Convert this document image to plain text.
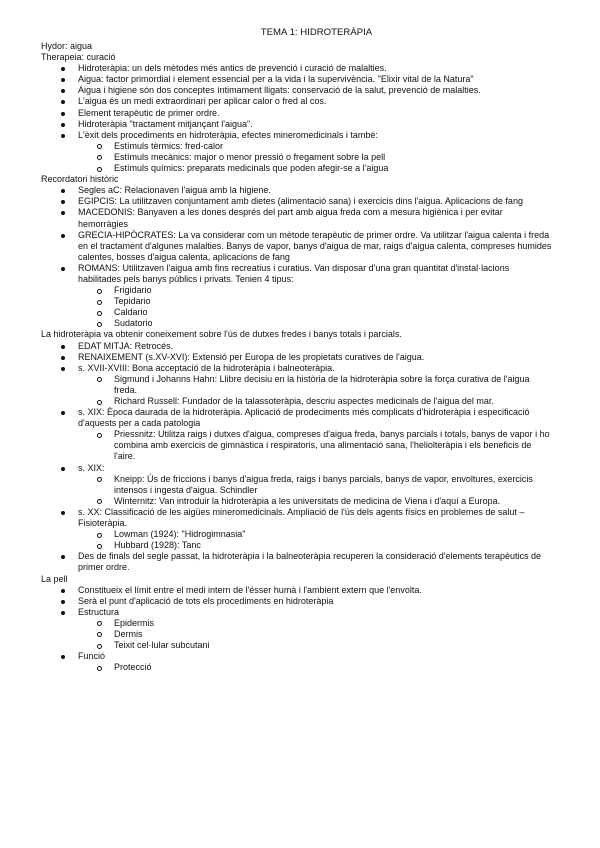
TEMA 1: HIDROTERÀPIA

Hydor: aigua

Therapeia: curació

Hidroteràpia: un dels mètodes més antics de prevenció i curació de malalties.
Aigua: factor primordial i element essencial per a la vida i la supervivència. "Elixir vital de la Natura"
Aigua i higiene són dos conceptes íntimament lligats: conservació de la salut, prevenció de malalties.
L'aigua és un medi extraordinari per aplicar calor o fred al cos.
Element terapèutic de primer ordre.
Hidroteràpia "tractament mitjançant l'aigua".
L'èxit dels procediments en hidroteràpia, efectes mineromedicinals i també:
Estímuls tèrmics: fred-calor
Estímuls mecànics: major o menor pressió o fregament sobre la pell
Estímuls químics: preparats medicinals que poden afegir-se a l'aigua

Recordatori històric

Segles aC: Relacionaven l'aigua amb la higiene.
EGIPCIS: La utilitzaven conjuntament amb dietes (alimentació sana) i exercicis dins l'aigua. Aplicacions de fang
MACEDONIS: Banyaven a les dones després del part amb aigua freda com a mesura higiènica i per evitar hemorràgies
GRECIA-HIPÒCRATES: La va considerar com un mètode terapèutic de primer ordre. Va utilitzar l'aigua calenta i freda en el tractament d'algunes malalties. Banys de vapor, banys d'aigua de mar, raigs d'aigua calenta, compreses humides calentes, bosses d'aigua calenta, aplicacions de fang
ROMANS: Utilitzaven l'aigua amb fins recreatius i curatius. Van disposar d'una gran quantitat d'instal·lacions habilitades pels banys públics i privats. Tenien 4 tipus:
Frigidario
Tepidario
Caldario
Sudatorio

La hidroteràpia va obtenir coneixement sobre l'ús de dutxes fredes i banys totals i parcials.

EDAT MITJA: Retrocés.
RENAIXEMENT (s.XV-XVI): Extensió per Europa de les propietats curatives de l'aigua.
s. XVII-XVIII: Bona acceptació de la hidroteràpia i balneoteràpia.
Sigmund i Johanns Hahn: Llibre decisiu en la història de la hidroteràpia sobre la força curativa de l'aigua freda.
Richard Russell: Fundador de la talassoteràpia, descriu aspectes medicinals de l'aigua del mar.
s. XIX: Època daurada de la hidroteràpia. Aplicació de prodeciments més complicats d'hidroteràpia i especificació d'aquests per a cada patologia
Priessnitz: Utilitza raigs i dutxes d'aigua, compreses d'aigua freda, banys parcials i totals, banys de vapor i ho combina amb exercicis de gimnàstica i respiratoris, una alimentació sana, l'heliolteràpia i els beneficis de l'aire.
s. XIX:
Kneipp: Ús de friccions i banys d'aigua freda, raigs i banys parcials, banys de vapor, envoltures, exercicis intensos i ingesta d'aigua. Schindler
Winternitz: Van introduir la hidroteràpia a les universitats de medicina de Viena i d'aquí a Europa.
s. XX: Classificació de les aigües mineromedicinals. Ampliació de l'ús dels agents físics en problemes de salut – Fisioteràpia.
Lowman (1924): "Hidrogimnasia"
Hubbard (1928): Tanc
Des de finals del segle passat, la hidroteràpia i la balneoteràpia recuperen la consideració d'elements terapèutics de primer ordre.

La pell

Constitueix el límit entre el medi intern de l'ésser humà i l'ambient extern que l'envolta.
Serà el punt d'aplicació de tots els procediments en hidroteràpia
Estructura
Epidermis
Dermis
Teixit cel·lular subcutani
Funció
Protecció
